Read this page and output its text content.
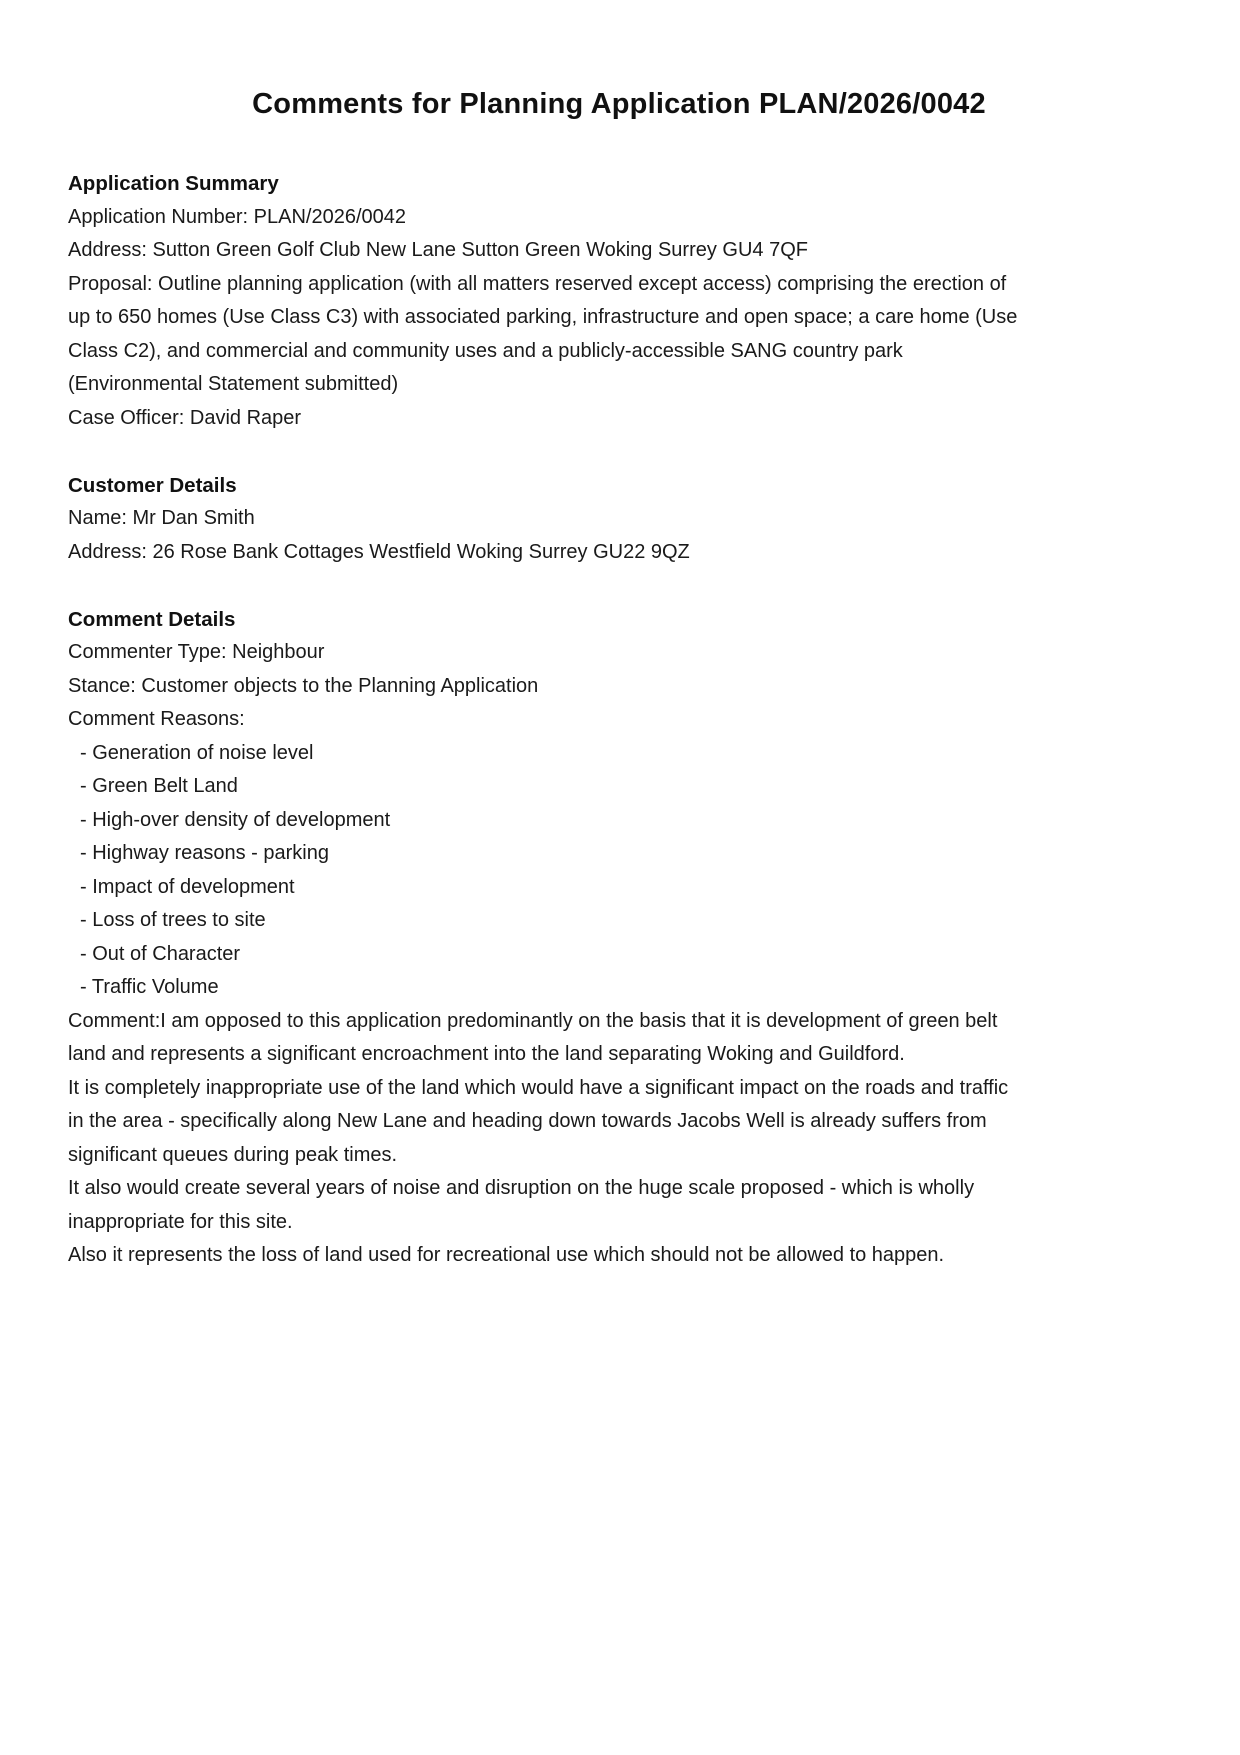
Comments for Planning Application PLAN/2026/0042
Application Summary

Application Number: PLAN/2026/0042

Address: Sutton Green Golf Club New Lane Sutton Green Woking Surrey GU4 7QF

Proposal: Outline planning application (with all matters reserved except access) comprising the erection of up to 650 homes (Use Class C3) with associated parking, infrastructure and open space; a care home (Use Class C2), and commercial and community uses and a publicly-accessible SANG country park (Environmental Statement submitted)

Case Officer: David Raper

Customer Details

Name: Mr Dan Smith

Address: 26 Rose Bank Cottages Westfield Woking Surrey GU22 9QZ

Comment Details

Commenter Type: Neighbour

Stance: Customer objects to the Planning Application

Comment Reasons:

- Generation of noise level
- Green Belt Land
- High-over density of development
- Highway reasons - parking
- Impact of development
- Loss of trees to site
- Out of Character
- Traffic Volume

Comment:I am opposed to this application predominantly on the basis that it is development of green belt land and represents a significant encroachment into the land separating Woking and Guildford.

It is completely inappropriate use of the land which would have a significant impact on the roads and traffic in the area - specifically along New Lane and heading down towards Jacobs Well is already suffers from significant queues during peak times.

It also would create several years of noise and disruption on the huge scale proposed - which is wholly inappropriate for this site.

Also it represents the loss of land used for recreational use which should not be allowed to happen.
